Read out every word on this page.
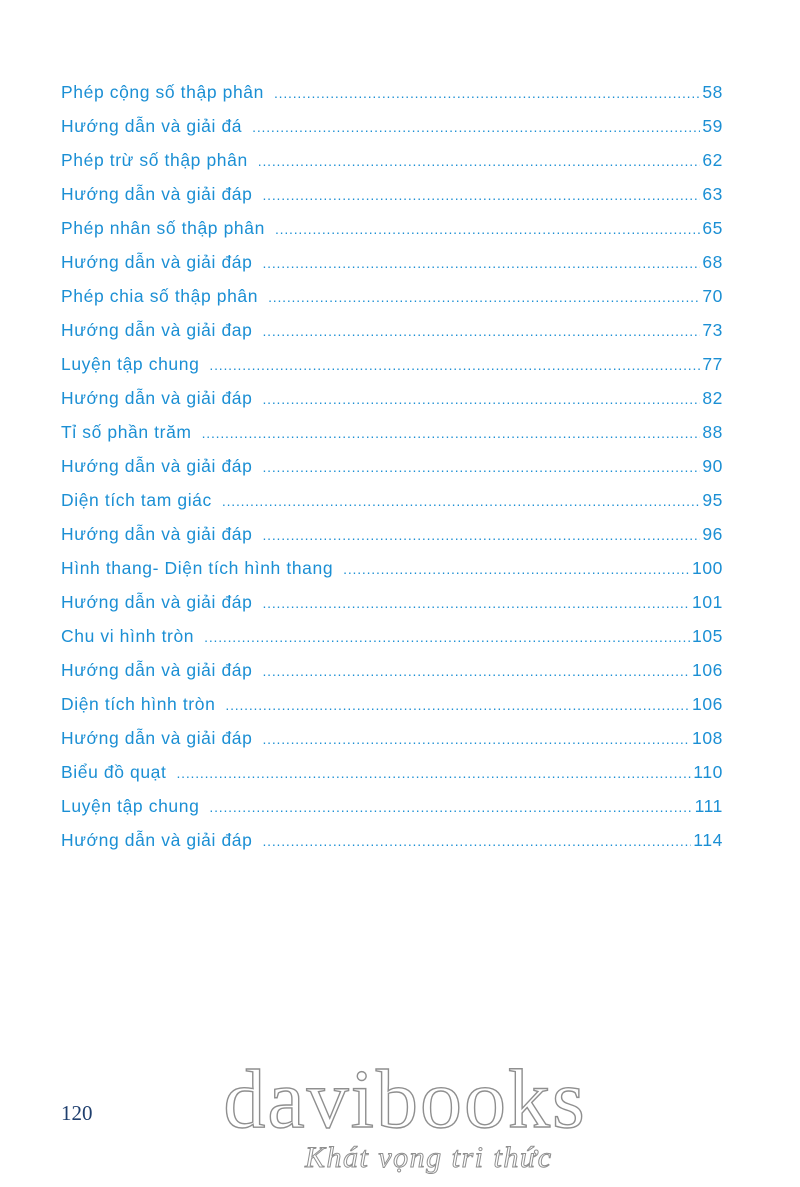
Phép cộng số thập phân .....	58
Hướng dẫn và giải đá .....	59
Phép trừ số thập phân .....	62
Hướng dẫn và giải đáp .....	63
Phép nhân số thập phân .....	65
Hướng dẫn và giải đáp .....	68
Phép chia số thập phân .....	70
Hướng dẫn và giải đap .....	73
Luyện tập chung .....	77
Hướng dẫn và giải đáp .....	82
Tỉ số phần trăm .....	88
Hướng dẫn và giải đáp .....	90
Diện tích tam giác .....	95
Hướng dẫn và giải đáp .....	96
Hình thang- Diện tích hình thang .....	100
Hướng dẫn và giải đáp .....	101
Chu vi hình tròn .....	105
Hướng dẫn và giải đáp .....	106
Diện tích hình tròn .....	106
Hướng dẫn và giải đáp .....	108
Biểu đồ quạt .....	110
Luyện tập chung .....	111
Hướng dẫn và giải đáp .....	114
120	davibooks
Khát vọng tri thức
